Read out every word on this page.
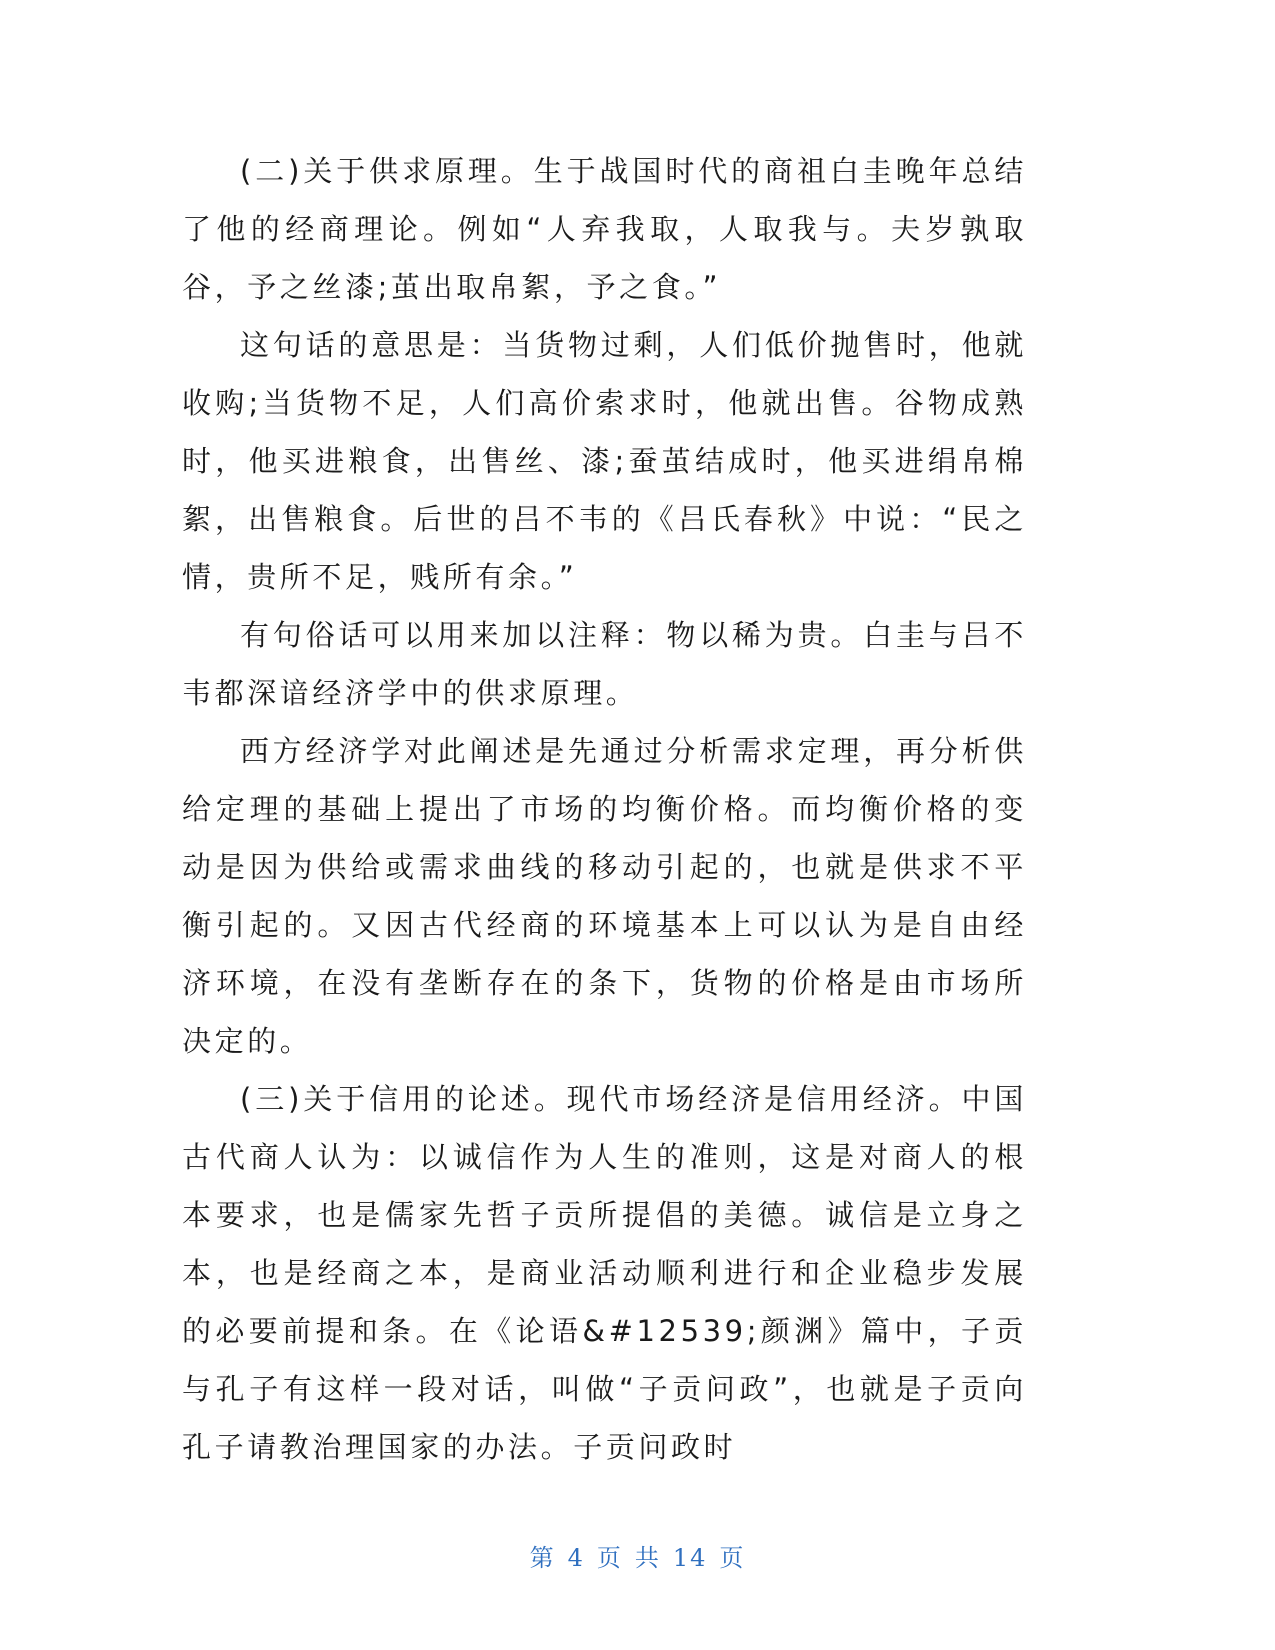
(二)关于供求原理。生于战国时代的商祖白圭晚年总结了他的经商理论。例如“人弃我取，人取我与。夫岁孰取谷，予之丝漆;茧出取帛絮，予之食。”

这句话的意思是：当货物过剩，人们低价抛售时，他就收购;当货物不足，人们高价索求时，他就出售。谷物成熟时，他买进粮食，出售丝、漆;蚕茧结成时，他买进绢帛棉絮，出售粮食。后世的吕不韦的《吕氏春秋》中说：“民之情，贵所不足，贱所有余。”

有句俗话可以用来加以注释：物以稀为贵。白圭与吕不韦都深谙经济学中的供求原理。

西方经济学对此阐述是先通过分析需求定理，再分析供给定理的基础上提出了市场的均衡价格。而均衡价格的变动是因为供给或需求曲线的移动引起的，也就是供求不平衡引起的。又因古代经商的环境基本上可以认为是自由经济环境，在没有垄断存在的条下，货物的价格是由市场所决定的。

(三)关于信用的论述。现代市场经济是信用经济。中国古代商人认为：以诚信作为人生的准则，这是对商人的根本要求，也是儒家先哲子贡所提倡的美德。诚信是立身之本，也是经商之本，是商业活动顺利进行和企业稳步发展的必要前提和条。在《论语&#12539;颜渊》篇中，子贡与孔子有这样一段对话，叫做“子贡问政”，也就是子贡向孔子请教治理国家的办法。子贡问政时

第 4 页 共 14 页
